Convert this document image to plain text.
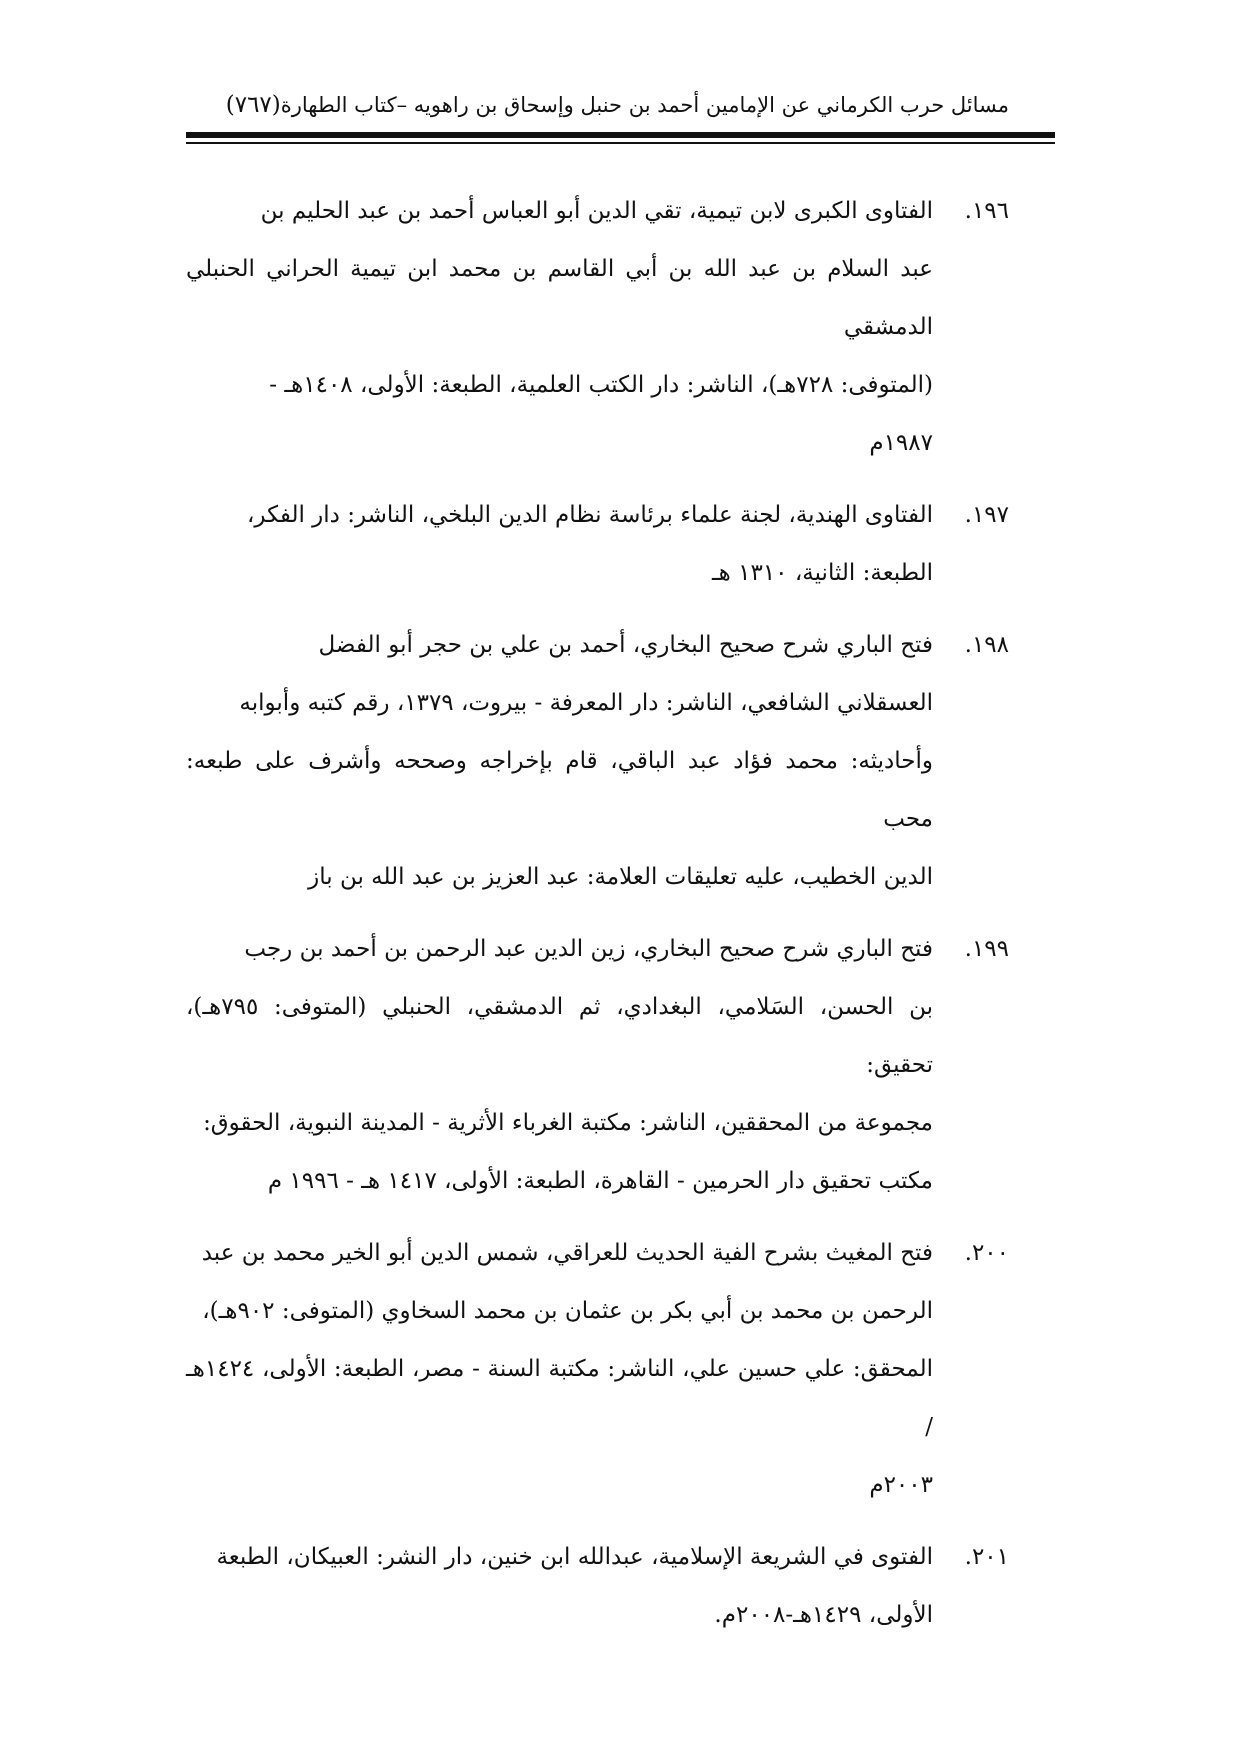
مسائل حرب الكرماني عن الإمامين أحمد بن حنبل وإسحاق بن راهويه –كتاب الطهارة
(٧٦٧)
١٩٦.
الفتاوى الكبرى لابن تيمية، تقي الدين أبو العباس أحمد بن عبد الحليم بن
عبد السلام بن عبد الله بن أبي القاسم بن محمد ابن تيمية الحراني الحنبلي الدمشقي
(المتوفى: ٧٢٨هـ)، الناشر: دار الكتب العلمية، الطبعة: الأولى، ١٤٠٨هـ -
١٩٨٧م
١٩٧.
الفتاوى الهندية، لجنة علماء برئاسة نظام الدين البلخي، الناشر: دار الفكر،
الطبعة: الثانية، ١٣١٠ هـ
١٩٨.
فتح الباري شرح صحيح البخاري، أحمد بن علي بن حجر أبو الفضل
العسقلاني الشافعي، الناشر: دار المعرفة - بيروت، ١٣٧٩، رقم كتبه وأبوابه
وأحاديثه: محمد فؤاد عبد الباقي، قام بإخراجه وصححه وأشرف على طبعه: محب
الدين الخطيب، عليه تعليقات العلامة: عبد العزيز بن عبد الله بن باز
١٩٩.
فتح الباري شرح صحيح البخاري، زين الدين عبد الرحمن بن أحمد بن رجب
بن الحسن، السَلامي، البغدادي، ثم الدمشقي، الحنبلي (المتوفى: ٧٩٥هـ)، تحقيق:
مجموعة من المحققين، الناشر: مكتبة الغرباء الأثرية - المدينة النبوية، الحقوق:
مكتب تحقيق دار الحرمين - القاهرة، الطبعة: الأولى، ١٤١٧ هـ - ١٩٩٦ م
٢٠٠.
فتح المغيث بشرح الفية الحديث للعراقي، شمس الدين أبو الخير محمد بن عبد
الرحمن بن محمد بن أبي بكر بن عثمان بن محمد السخاوي (المتوفى: ٩٠٢هـ)،
المحقق: علي حسين علي، الناشر: مكتبة السنة - مصر، الطبعة: الأولى، ١٤٢٤هـ /
٢٠٠٣م
٢٠١.
الفتوى في الشريعة الإسلامية، عبدالله ابن خنين، دار النشر: العبيكان، الطبعة
الأولى، ١٤٢٩هـ-٢٠٠٨م.
